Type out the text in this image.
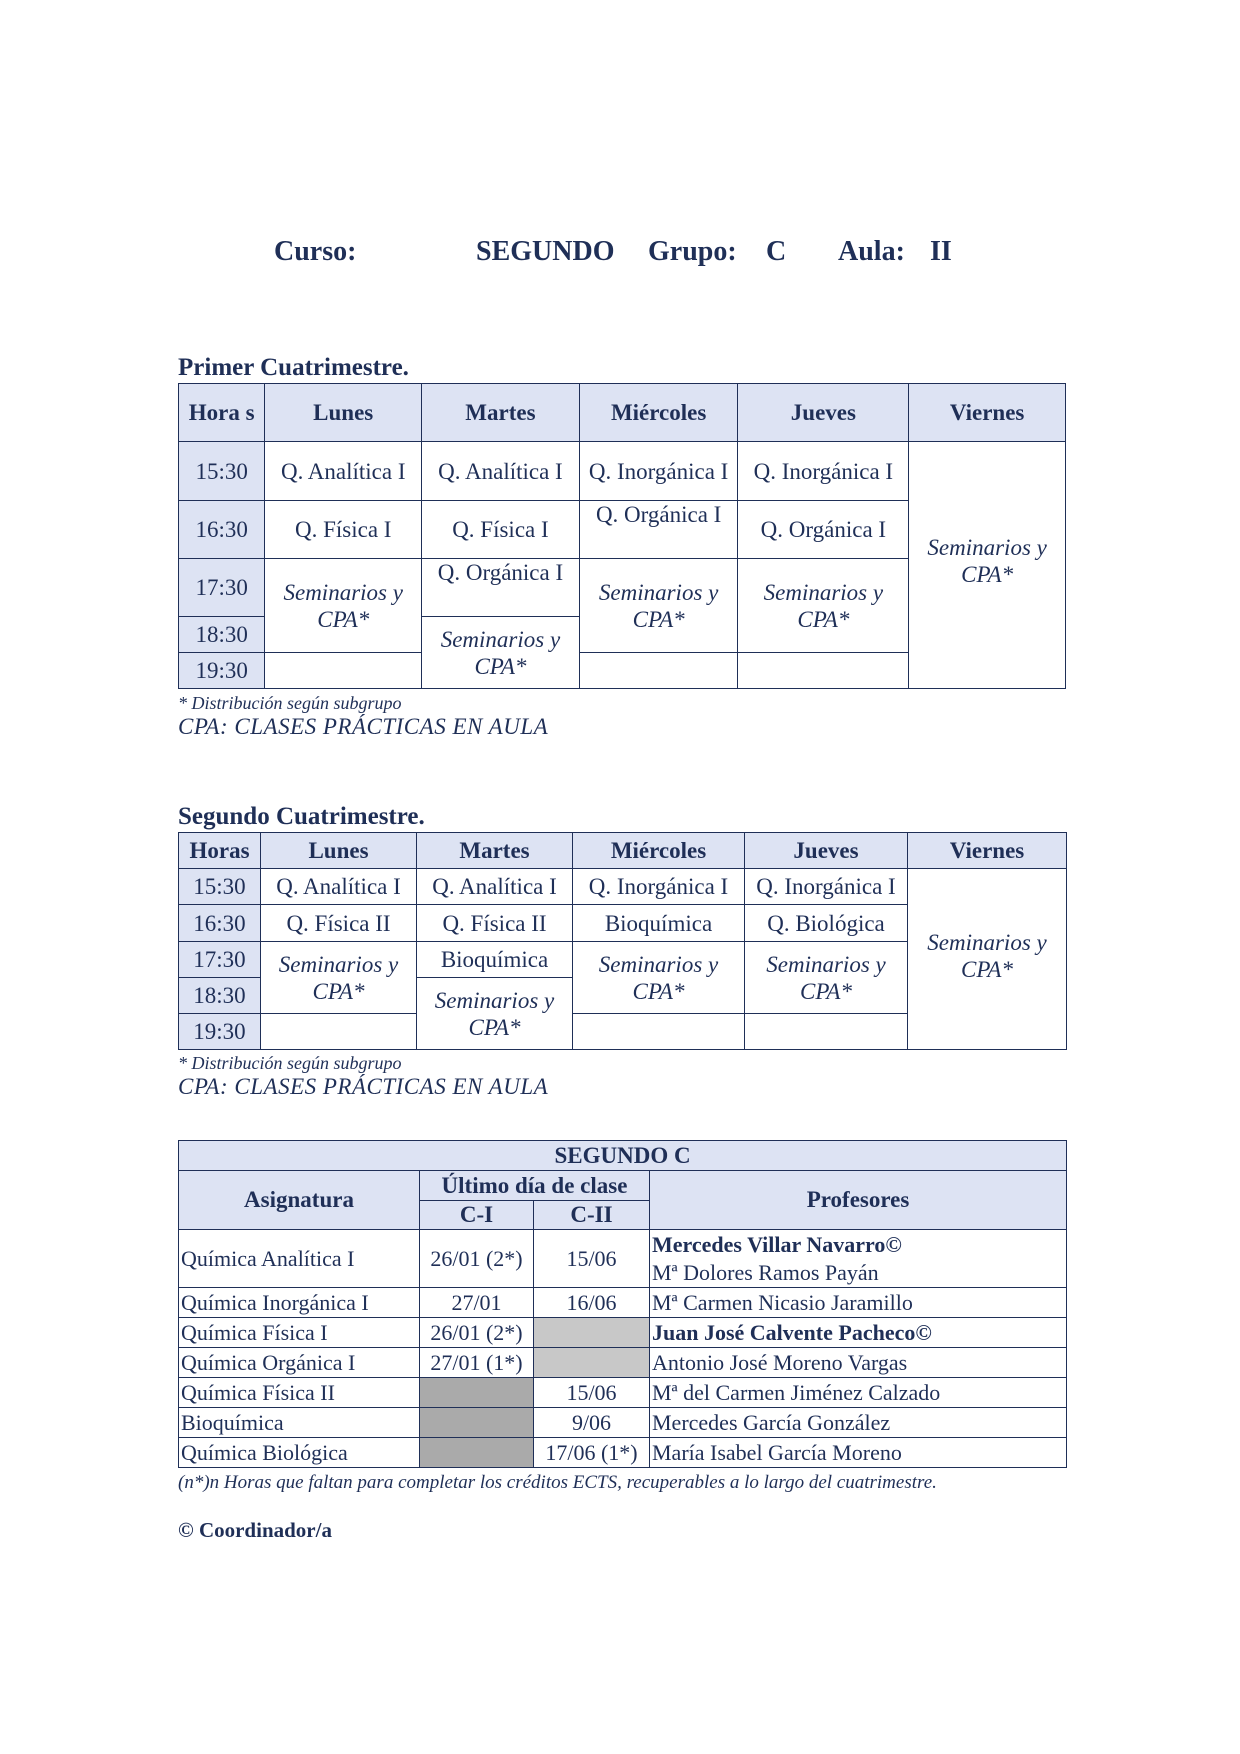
Curso:	SEGUNDO Grupo: C Aula: II
Primer Cuatrimestre.
Hora s	Lunes	Martes	Miércoles	Jueves	Viernes
15:30	Q. Analítica I	Q. Analítica I	Q. Inorgánica I	Q. Inorgánica I	Seminarios y CPA*
16:30	Q. Física I	Q. Física I	Q. Orgánica I	Q. Orgánica I	
17:30	Seminarios y CPA*	Q. Orgánica I	Seminarios y CPA*	Seminarios y CPA*	
18:30		Seminarios y CPA*			
19:30					
* Distribución según subgrupo
CPA: CLASES PRÁCTICAS EN AULA
Segundo Cuatrimestre.
Horas	Lunes	Martes	Miércoles	Jueves	Viernes
15:30	Q. Analítica I	Q. Analítica I	Q. Inorgánica I	Q. Inorgánica I	Seminarios y CPA*
16:30	Q. Física II	Q. Física II	Bioquímica	Q. Biológica	
17:30	Seminarios y CPA*	Bioquímica	Seminarios y CPA*	Seminarios y CPA*	
18:30		Seminarios y CPA*			
19:30					
* Distribución según subgrupo
CPA: CLASES PRÁCTICAS EN AULA
SEGUNDO C			
Asignatura	Último día de clase		Profesores
	C-I	C-II	
Química Analítica I	26/01 (2*)	15/06	Mercedes Villar Navarro©
Mª Dolores Ramos Payán

Química Inorgánica I	27/01	16/06	Mª Carmen Nicasio Jaramillo
Química Física I	26/01 (2*)		Juan José Calvente Pacheco©
Química Orgánica I	27/01 (1*)		Antonio José Moreno Vargas
Química Física II		15/06	Mª del Carmen Jiménez Calzado
Bioquímica		9/06	Mercedes García González
Química Biológica		17/06 (1*)	María Isabel García Moreno
(n*)n Horas que faltan para completar los créditos ECTS, recuperables a lo largo del cuatrimestre.
© Coordinador/a
